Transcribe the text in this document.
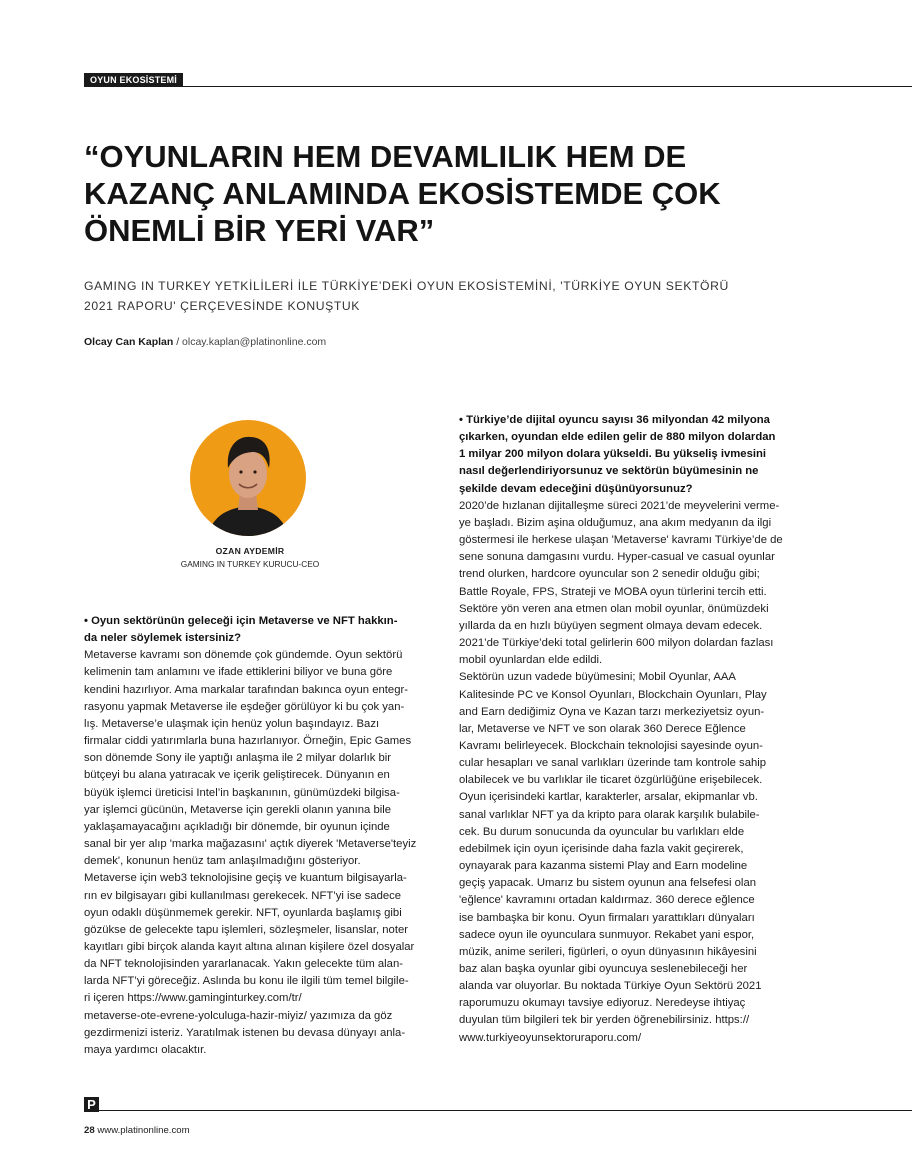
OYUN EKOSİSTEMİ
“OYUNLARIN HEM DEVAMLILIK HEM DE
KAZANÇ ANLAMINDA EKOSİSTEMDE ÇOK
ÖNEMLİ BİR YERİ VAR”

GAMING IN TURKEY YETKİLİLERİ İLE TÜRKİYE’DEKİ OYUN EKOSİSTEMİNİ, 'TÜRKİYE OYUN SEKTÖRÜ
2021 RAPORU' ÇERÇEVESİNDE KONUŞTUK

Olcay Can Kaplan / olcay.kaplan@platinonline.com
OZAN AYDEMİR
GAMING IN TURKEY KURUCU-CEO
• Oyun sektörünün geleceği için Metaverse ve NFT hakkın-
da neler söylemek istersiniz?
Metaverse kavramı son dönemde çok gündemde. Oyun sektörü
kelimenin tam anlamını ve ifade ettiklerini biliyor ve buna göre
kendini hazırlıyor. Ama markalar tarafından bakınca oyun entegr-
rasyonu yapmak Metaverse ile eşdeğer görülüyor ki bu çok yan-
lış. Metaverse’e ulaşmak için henüz yolun başındayız. Bazı
firmalar ciddi yatırımlarla buna hazırlanıyor. Örneğin, Epic Games
son dönemde Sony ile yaptığı anlaşma ile 2 milyar dolarlık bir
bütçeyi bu alana yatıracak ve içerik geliştirecek. Dünyanın en
büyük işlemci üreticisi Intel’in başkanının, günümüzdeki bilgisa-
yar işlemci gücünün, Metaverse için gerekli olanın yanına bile
yaklaşamayacağını açıkladığı bir dönemde, bir oyunun içinde
sanal bir yer alıp 'marka mağazasını' açtık diyerek 'Metaverse'teyiz
demek', konunun henüz tam anlaşılmadığını gösteriyor.
Metaverse için web3 teknolojisine geçiş ve kuantum bilgisayarla-
rın ev bilgisayarı gibi kullanılması gerekecek. NFT’yi ise sadece
oyun odaklı düşünmemek gerekir. NFT, oyunlarda başlamış gibi
gözükse de gelecekte tapu işlemleri, sözleşmeler, lisanslar, noter
kayıtları gibi birçok alanda kayıt altına alınan kişilere özel dosyalar
da NFT teknolojisinden yararlanacak. Yakın gelecekte tüm alan-
larda NFT’yi göreceğiz. Aslında bu konu ile ilgili tüm temel bilgile-
ri içeren https://www.gaminginturkey.com/tr/
metaverse-ote-evrene-yolculuga-hazir-miyiz/ yazımıza da göz
gezdirmenizi isteriz. Yaratılmak istenen bu devasa dünyayı anla-
maya yardımcı olacaktır.
• Türkiye’de dijital oyuncu sayısı 36 milyondan 42 milyona
çıkarken, oyundan elde edilen gelir de 880 milyon dolardan
1 milyar 200 milyon dolara yükseldi. Bu yükseliş ivmesini
nasıl değerlendiriyorsunuz ve sektörün büyümesinin ne
şekilde devam edeceğini düşünüyorsunuz?
2020’de hızlanan dijitalleşme süreci 2021’de meyvelerini verme-
ye başladı. Bizim aşina olduğumuz, ana akım medyanın da ilgi
göstermesi ile herkese ulaşan 'Metaverse' kavramı Türkiye’de de
sene sonuna damgasını vurdu. Hyper-casual ve casual oyunlar
trend olurken, hardcore oyuncular son 2 senedir olduğu gibi;
Battle Royale, FPS, Strateji ve MOBA oyun türlerini tercih etti.
Sektöre yön veren ana etmen olan mobil oyunlar, önümüzdeki
yıllarda da en hızlı büyüyen segment olmaya devam edecek.
2021’de Türkiye’deki total gelirlerin 600 milyon dolardan fazlası
mobil oyunlardan elde edildi.
Sektörün uzun vadede büyümesini; Mobil Oyunlar, AAA
Kalitesinde PC ve Konsol Oyunları, Blockchain Oyunları, Play
and Earn dediğimiz Oyna ve Kazan tarzı merkeziyetsiz oyun-
lar, Metaverse ve NFT ve son olarak 360 Derece Eğlence
Kavramı belirleyecek. Blockchain teknolojisi sayesinde oyun-
cular hesapları ve sanal varlıkları üzerinde tam kontrole sahip
olabilecek ve bu varlıklar ile ticaret özgürlüğüne erişebilecek.
Oyun içerisindeki kartlar, karakterler, arsalar, ekipmanlar vb.
sanal varlıklar NFT ya da kripto para olarak karşılık bulabile-
cek. Bu durum sonucunda da oyuncular bu varlıkları elde
edebilmek için oyun içerisinde daha fazla vakit geçirerek,
oynayarak para kazanma sistemi Play and Earn modeline
geçiş yapacak. Umarız bu sistem oyunun ana felsefesi olan
'eğlence' kavramını ortadan kaldırmaz. 360 derece eğlence
ise bambaşka bir konu. Oyun firmaları yarattıkları dünyaları
sadece oyun ile oyunculara sunmuyor. Rekabet yani espor,
müzik, anime serileri, figürleri, o oyun dünyasının hikâyesini
baz alan başka oyunlar gibi oyuncuya seslenebileceği her
alanda var oluyorlar. Bu noktada Türkiye Oyun Sektörü 2021
raporumuzu okumayı tavsiye ediyoruz. Neredeyse ihtiyaç
duyulan tüm bilgileri tek bir yerden öğrenebilirsiniz. https://
www.turkiyeoyunsektoruraporu.com/
P
28 www.platinonline.com
